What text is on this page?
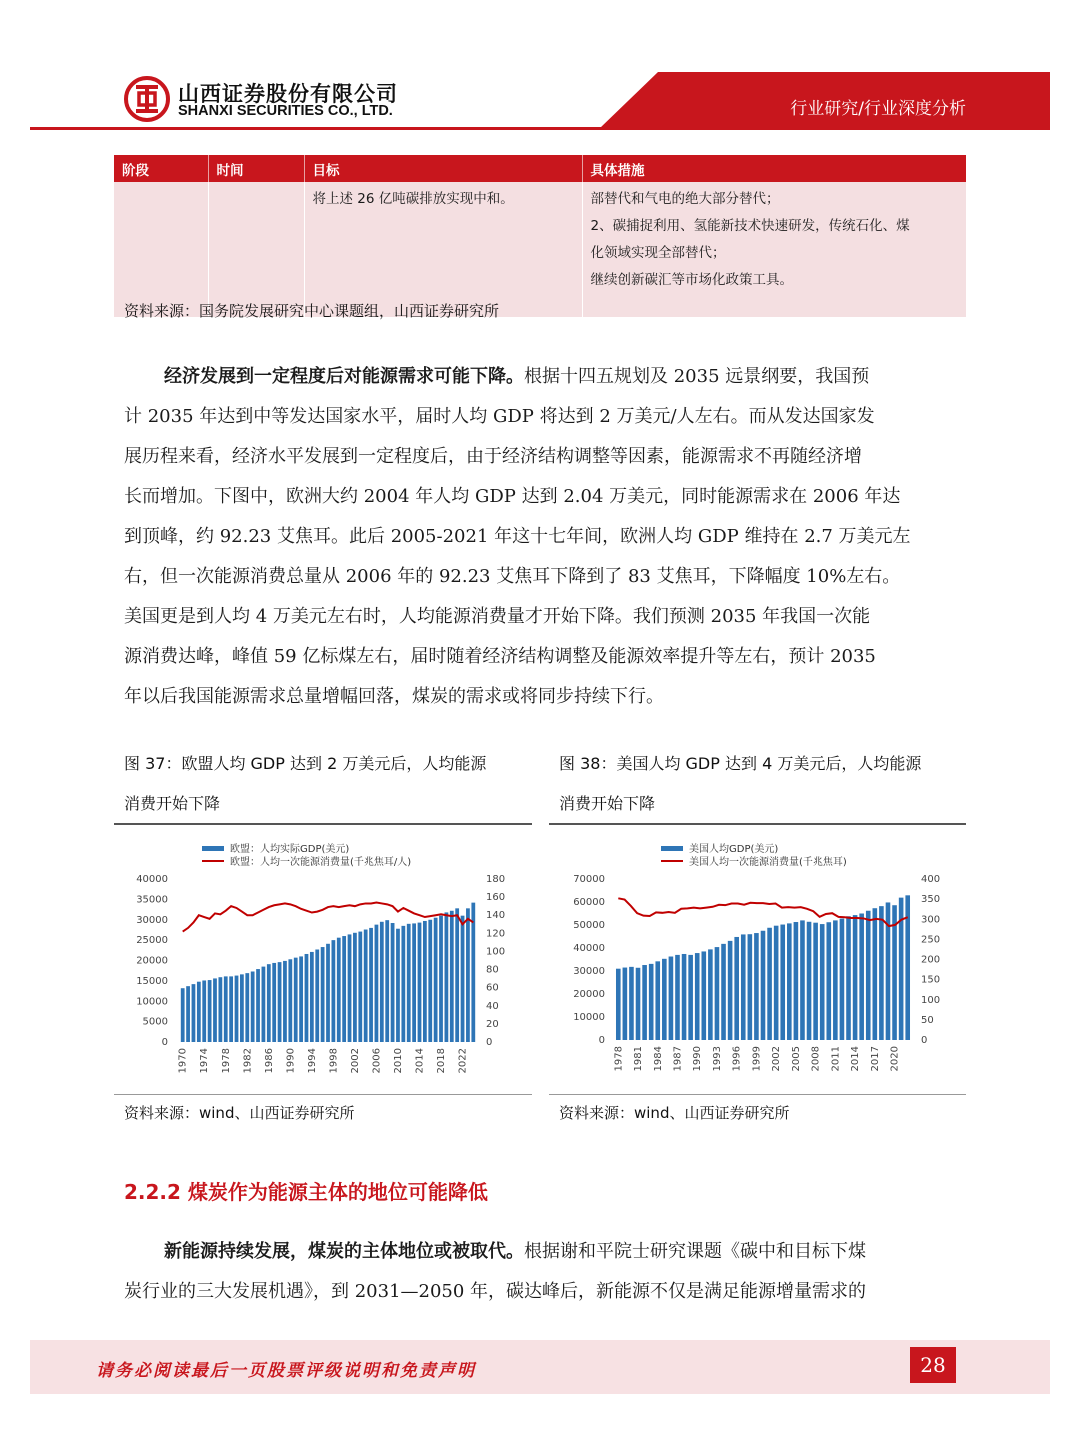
山西证券股份有限公司
SHANXI SECURITIES CO., LTD.	行业研究/行业深度分析
阶段	时间	目标	具体措施
		将上述 26 亿吨碳排放实现中和。	部替代和气电的绝大部分替代；
2、碳捕捉利用、氢能新技术快速研发，传统石化、煤
化领域实现全部替代；
继续创新碳汇等市场化政策工具。
资料来源：国务院发展研究中心课题组，山西证券研究所
经济发展到一定程度后对能源需求可能下降。根据十四五规划及 2035 远景纲要，我国预
计 2035 年达到中等发达国家水平，届时人均 GDP 将达到 2 万美元/人左右。而从发达国家发
展历程来看，经济水平发展到一定程度后，由于经济结构调整等因素，能源需求不再随经济增
长而增加。下图中，欧洲大约 2004 年人均 GDP 达到 2.04 万美元，同时能源需求在 2006 年达
到顶峰，约 92.23 艾焦耳。此后 2005-2021 年这十七年间，欧洲人均 GDP 维持在 2.7 万美元左
右，但一次能源消费总量从 2006 年的 92.23 艾焦耳下降到了 83 艾焦耳，下降幅度 10%左右。
美国更是到人均 4 万美元左右时，人均能源消费量才开始下降。我们预测 2035 年我国一次能
源消费达峰，峰值 59 亿标煤左右，届时随着经济结构调整及能源效率提升等左右，预计 2035
年以后我国能源需求总量增幅回落，煤炭的需求或将同步持续下行。
图 37：欧盟人均 GDP 达到 2 万美元后，人均能源
消费开始下降
欧盟：人均实际GDP(美元)
欧盟：人均一次能源消费量(千兆焦耳/人)
0
5000
10000
15000
20000
25000
30000
35000
40000
0
20
40
60
80
100
120
140
160
180
1970 1974 1978 1982 1986 1990 1994 1998 2002 2006 2010 2014 2018 2022
资料来源：wind、山西证券研究所
图 38：美国人均 GDP 达到 4 万美元后，人均能源
消费开始下降
美国人均GDP(美元)
美国人均一次能源消费量(千兆焦耳)
0
10000
20000
30000
40000
50000
60000
70000
0
50
100
150
200
250
300
350
400
1978 1981 1984 1987 1990 1993 1996 1999 2002 2005 2008 2011 2014 2017 2020
资料来源：wind、山西证券研究所
2.2.2 煤炭作为能源主体的地位可能降低
新能源持续发展，煤炭的主体地位或被取代。根据谢和平院士研究课题《碳中和目标下煤
炭行业的三大发展机遇》，到 2031—2050 年，碳达峰后，新能源不仅是满足能源增量需求的
请务必阅读最后一页股票评级说明和免责声明	28
